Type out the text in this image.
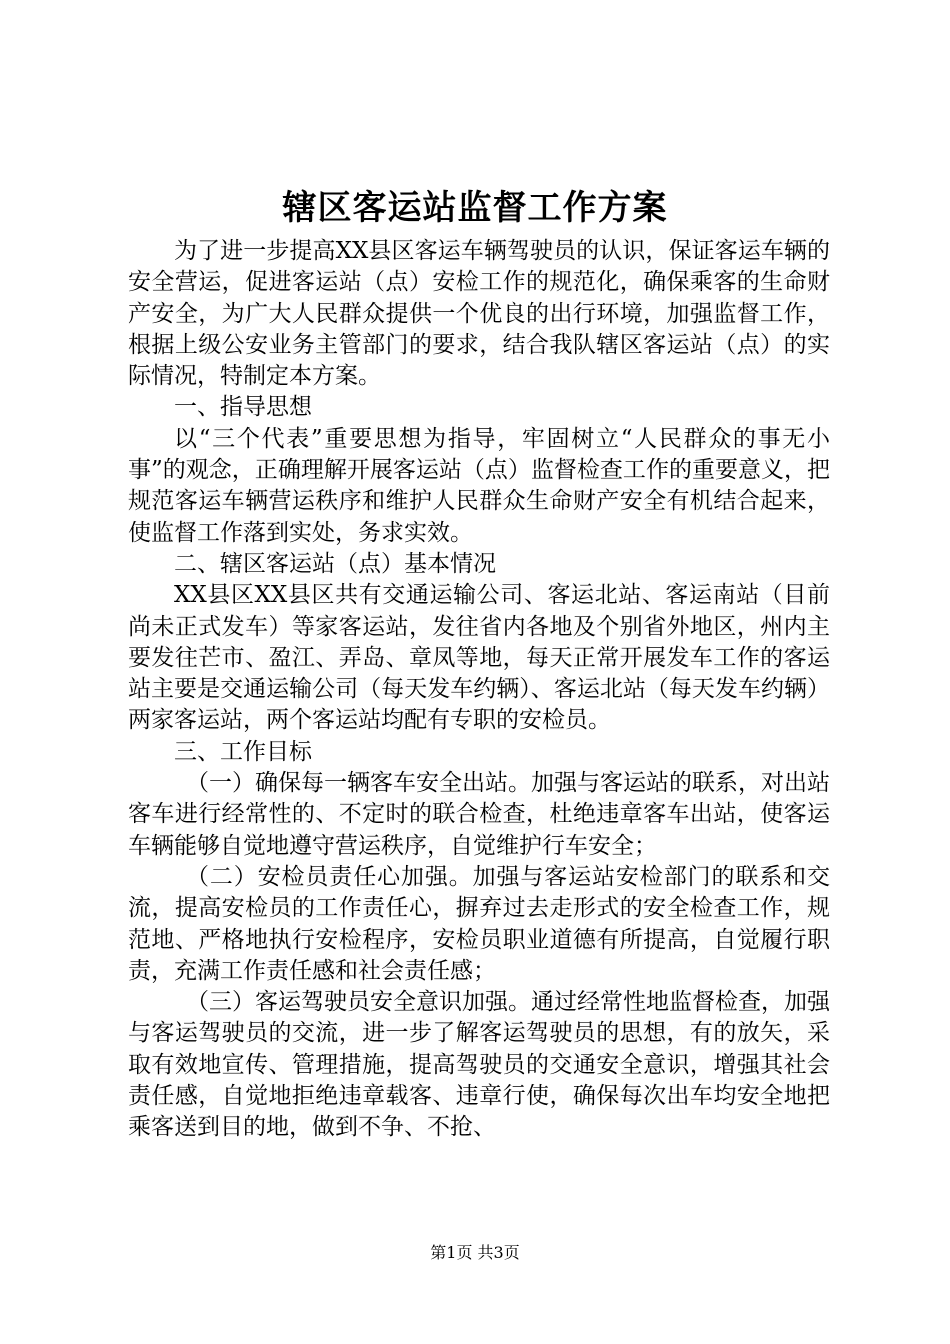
辖区客运站监督工作方案

为了进一步提高XX县区客运车辆驾驶员的认识，保证客运车辆的安全营运，促进客运站（点）安检工作的规范化，确保乘客的生命财产安全，为广大人民群众提供一个优良的出行环境，加强监督工作，根据上级公安业务主管部门的要求，结合我队辖区客运站（点）的实际情况，特制定本方案。

一、指导思想

以“三个代表”重要思想为指导，牢固树立“人民群众的事无小事”的观念，正确理解开展客运站（点）监督检查工作的重要意义，把规范客运车辆营运秩序和维护人民群众生命财产安全有机结合起来，使监督工作落到实处，务求实效。

二、辖区客运站（点）基本情况

XX县区XX县区共有交通运输公司、客运北站、客运南站（目前尚未正式发车）等家客运站，发往省内各地及个别省外地区，州内主要发往芒市、盈江、弄岛、章凤等地，每天正常开展发车工作的客运站主要是交通运输公司（每天发车约辆）、客运北站（每天发车约辆）两家客运站，两个客运站均配有专职的安检员。

三、工作目标

（一）确保每一辆客车安全出站。加强与客运站的联系，对出站客车进行经常性的、不定时的联合检查，杜绝违章客车出站，使客运车辆能够自觉地遵守营运秩序，自觉维护行车安全；

（二）安检员责任心加强。加强与客运站安检部门的联系和交流，提高安检员的工作责任心，摒弃过去走形式的安全检查工作，规范地、严格地执行安检程序，安检员职业道德有所提高，自觉履行职责，充满工作责任感和社会责任感；

（三）客运驾驶员安全意识加强。通过经常性地监督检查，加强与客运驾驶员的交流，进一步了解客运驾驶员的思想，有的放矢，采取有效地宣传、管理措施，提高驾驶员的交通安全意识，增强其社会责任感，自觉地拒绝违章载客、违章行使，确保每次出车均安全地把乘客送到目的地，做到不争、不抢、

第1页 共3页
